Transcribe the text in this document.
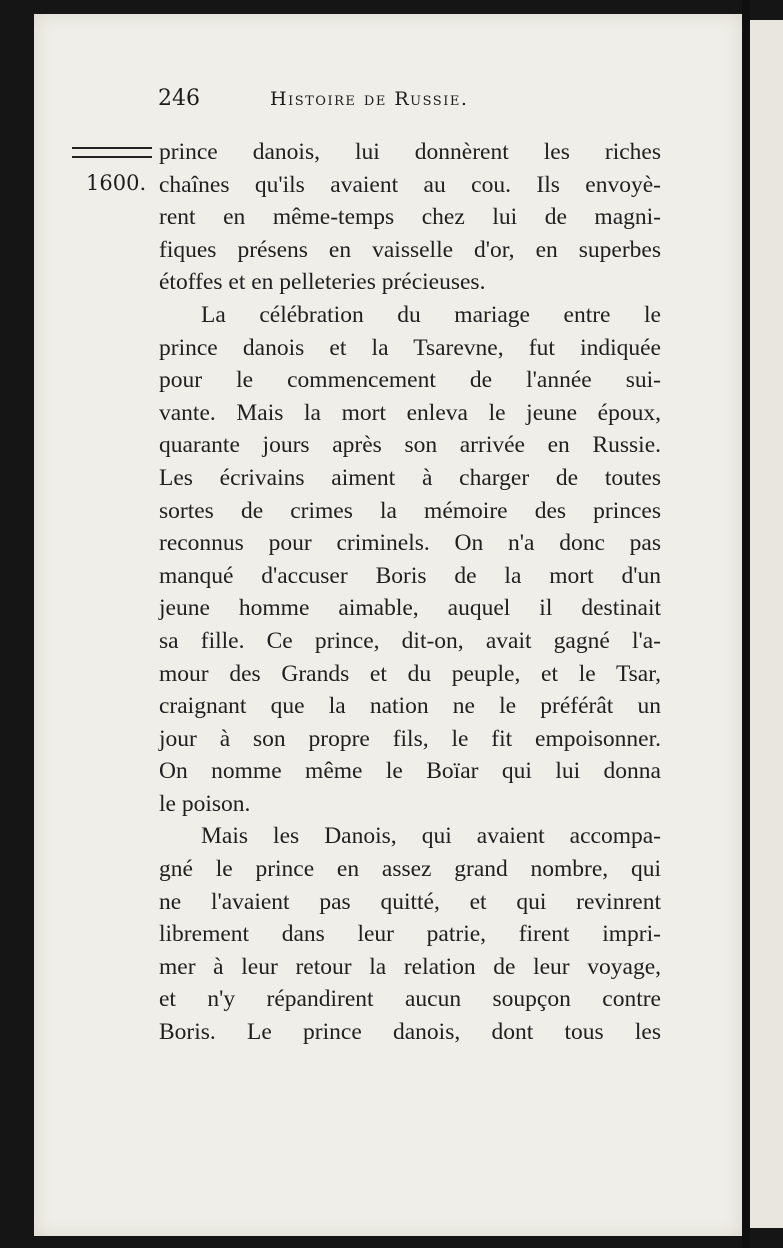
246	Histoire de Russie.
1600.
prince danois, lui donnèrent les riches
chaînes qu'ils avaient au cou. Ils envoyè-
rent en même-temps chez lui de magni-
fiques présens en vaisselle d'or, en superbes
étoffes et en pelleteries précieuses.
La célébration du mariage entre le
prince danois et la Tsarevne, fut indiquée
pour le commencement de l'année sui-
vante. Mais la mort enleva le jeune époux,
quarante jours après son arrivée en Russie.
Les écrivains aiment à charger de toutes
sortes de crimes la mémoire des princes
reconnus pour criminels. On n'a donc pas
manqué d'accuser Boris de la mort d'un
jeune homme aimable, auquel il destinait
sa fille. Ce prince, dit-on, avait gagné l'a-
mour des Grands et du peuple, et le Tsar,
craignant que la nation ne le préférât un
jour à son propre fils, le fit empoisonner.
On nomme même le Boïar qui lui donna
le poison.
Mais les Danois, qui avaient accompa-
gné le prince en assez grand nombre, qui
ne l'avaient pas quitté, et qui revinrent
librement dans leur patrie, firent impri-
mer à leur retour la relation de leur voyage,
et n'y répandirent aucun soupçon contre
Boris. Le prince danois, dont tous les
